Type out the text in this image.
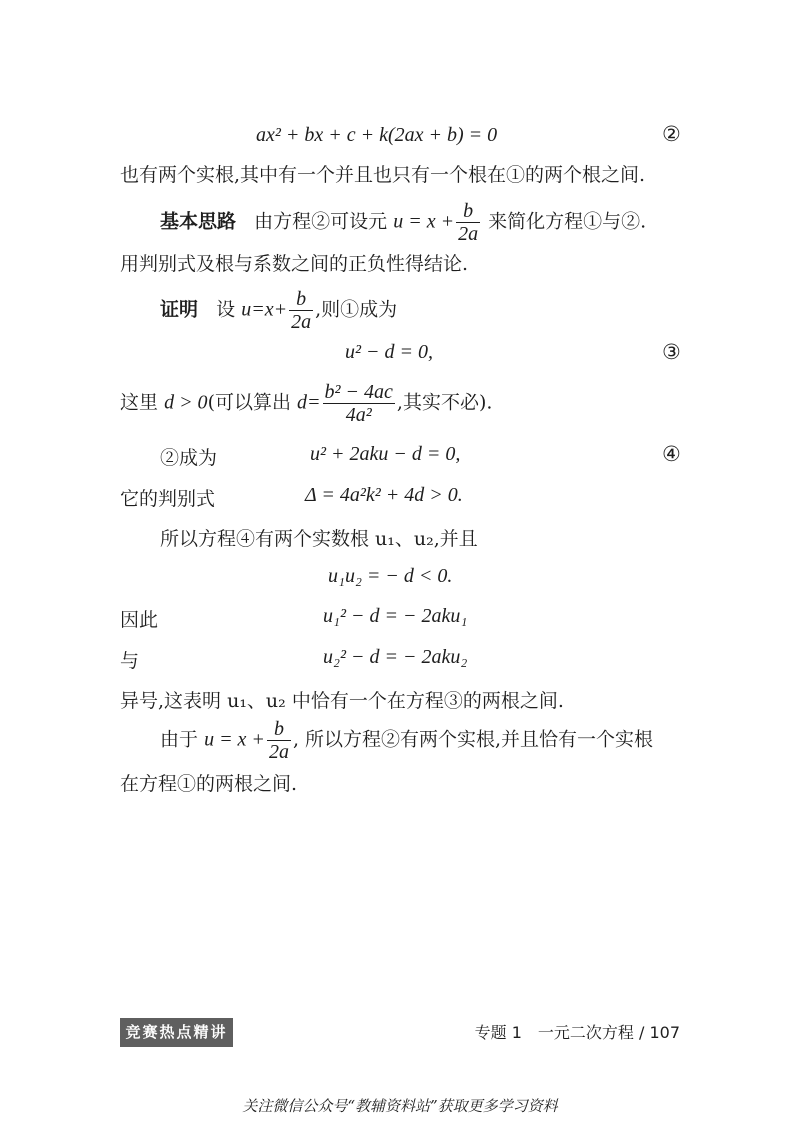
ax² + bx + c + k(2ax + b) = 0	②
也有两个实根,其中有一个并且也只有一个根在①的两个根之间.
基本思路 由方程②可设元 $u = x + \frac{b}{2a}$ 来简化方程①与②.
用判别式及根与系数之间的正负性得结论.
证明 设 $u=x+ \frac{b}{2a}$ ,则①成为
u² − d = 0,	③
这里 d > 0(可以算出 $d= \frac{\text{b² − 4ac}}{\text{4a²}}$ ,其实不必).
②成为	u² + 2aku − d = 0,	④
它的判别式	Δ = 4a²k² + 4d > 0.
所以方程④有两个实数根 u₁、u₂,并且
u₁u₂ = − d < 0.
因此	u₁² − d = − 2aku₁
与	u₂² − d = − 2aku₂
异号,这表明 u₁、u₂ 中恰有一个在方程③的两根之间.
由于 $u = x + \frac{b}{2a}$ , 所以方程②有两个实根,并且恰有一个实根
在方程①的两根之间.
竞赛热点精讲	专题 1　一元二次方程 / 107
关注微信公众号“教辅资料站”获取更多学习资料
